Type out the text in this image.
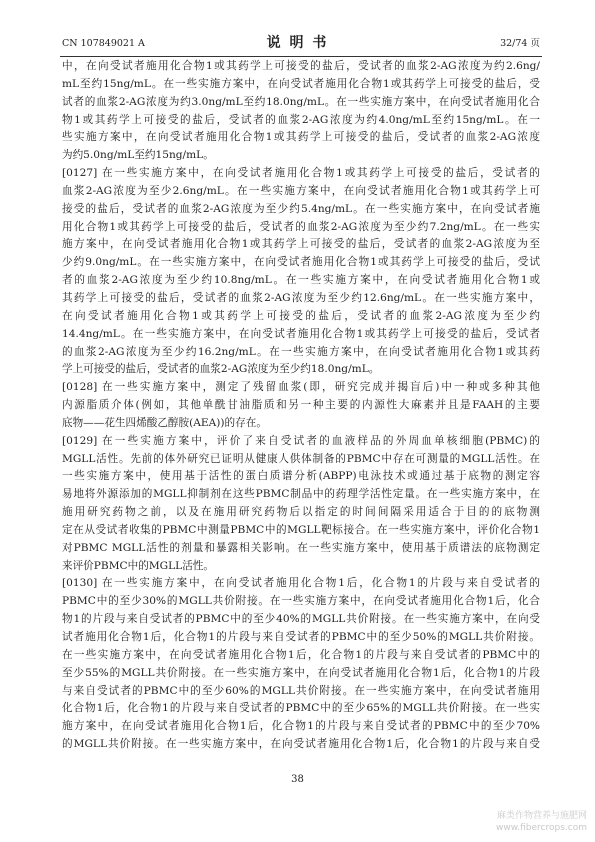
CN 107849021 A	说 明 书	32/74 页
中，在向受试者施用化合物1或其药学上可接受的盐后，受试者的血浆2-AG浓度为约2.6ng/
mL至约15ng/mL。在一些实施方案中，在向受试者施用化合物1或其药学上可接受的盐后，受
试者的血浆2-AG浓度为约3.0ng/mL至约18.0ng/mL。在一些实施方案中，在向受试者施用化合
物1或其药学上可接受的盐后，受试者的血浆2-AG浓度为约4.0ng/mL至约15ng/mL。在一
些实施方案中，在向受试者施用化合物1或其药学上可接受的盐后，受试者的血浆2-AG浓度
为约5.0ng/mL至约15ng/mL。
[0127] 在一些实施方案中，在向受试者施用化合物1或其药学上可接受的盐后，受试者的
血浆2-AG浓度为至少2.6ng/mL。在一些实施方案中，在向受试者施用化合物1或其药学上可
接受的盐后，受试者的血浆2-AG浓度为至少约5.4ng/mL。在一些实施方案中，在向受试者施
用化合物1或其药学上可接受的盐后，受试者的血浆2-AG浓度为至少约7.2ng/mL。在一些实
施方案中，在向受试者施用化合物1或其药学上可接受的盐后，受试者的血浆2-AG浓度为至
少约9.0ng/mL。在一些实施方案中，在向受试者施用化合物1或其药学上可接受的盐后，受试
者的血浆2-AG浓度为至少约10.8ng/mL。在一些实施方案中，在向受试者施用化合物1或
其药学上可接受的盐后，受试者的血浆2-AG浓度为至少约12.6ng/mL。在一些实施方案中，
在向受试者施用化合物1或其药学上可接受的盐后，受试者的血浆2-AG浓度为至少约
14.4ng/mL。在一些实施方案中，在向受试者施用化合物1或其药学上可接受的盐后，受试者
的血浆2-AG浓度为至少约16.2ng/mL。在一些实施方案中，在向受试者施用化合物1或其药
学上可接受的盐后，受试者的血浆2-AG浓度为至少约18.0ng/mL。
[0128] 在一些实施方案中，测定了残留血浆(即，研究完成并揭盲后)中一种或多种其他
内源脂质介体(例如，其他单酰甘油脂质和另一种主要的内源性大麻素并且是FAAH的主要
底物——花生四烯酸乙醇胺(AEA))的存在。
[0129] 在一些实施方案中，评价了来自受试者的血液样品的外周血单核细胞(PBMC)的
MGLL活性。先前的体外研究已证明从健康人供体制备的PBMC中存在可测量的MGLL活性。在
一些实施方案中，使用基于活性的蛋白质谱分析(ABPP)电泳技术或通过基于底物的测定容
易地将外源添加的MGLL抑制剂在这些PBMC制品中的药理学活性定量。在一些实施方案中，在
施用研究药物之前，以及在施用研究药物后以指定的时间间隔采用适合于目的的底物测
定在从受试者收集的PBMC中测量PBMC中的MGLL靶标接合。在一些实施方案中，评价化合物1
对PBMC MGLL活性的剂量和暴露相关影响。在一些实施方案中，使用基于质谱法的底物测定
来评价PBMC中的MGLL活性。
[0130] 在一些实施方案中，在向受试者施用化合物1后，化合物1的片段与来自受试者的
PBMC中的至少30%的MGLL共价附接。在一些实施方案中，在向受试者施用化合物1后，化合
物1的片段与来自受试者的PBMC中的至少40%的MGLL共价附接。在一些实施方案中，在向受
试者施用化合物1后，化合物1的片段与来自受试者的PBMC中的至少50%的MGLL共价附接。
在一些实施方案中，在向受试者施用化合物1后，化合物1的片段与来自受试者的PBMC中的
至少55%的MGLL共价附接。在一些实施方案中，在向受试者施用化合物1后，化合物1的片段
与来自受试者的PBMC中的至少60%的MGLL共价附接。在一些实施方案中，在向受试者施用
化合物1后，化合物1的片段与来自受试者的PBMC中的至少65%的MGLL共价附接。在一些实
施方案中，在向受试者施用化合物1后，化合物1的片段与来自受试者的PBMC中的至少70%
的MGLL共价附接。在一些实施方案中，在向受试者施用化合物1后，化合物1的片段与来自受
38
麻类作物营养与施肥网
www.fibercrops.com
